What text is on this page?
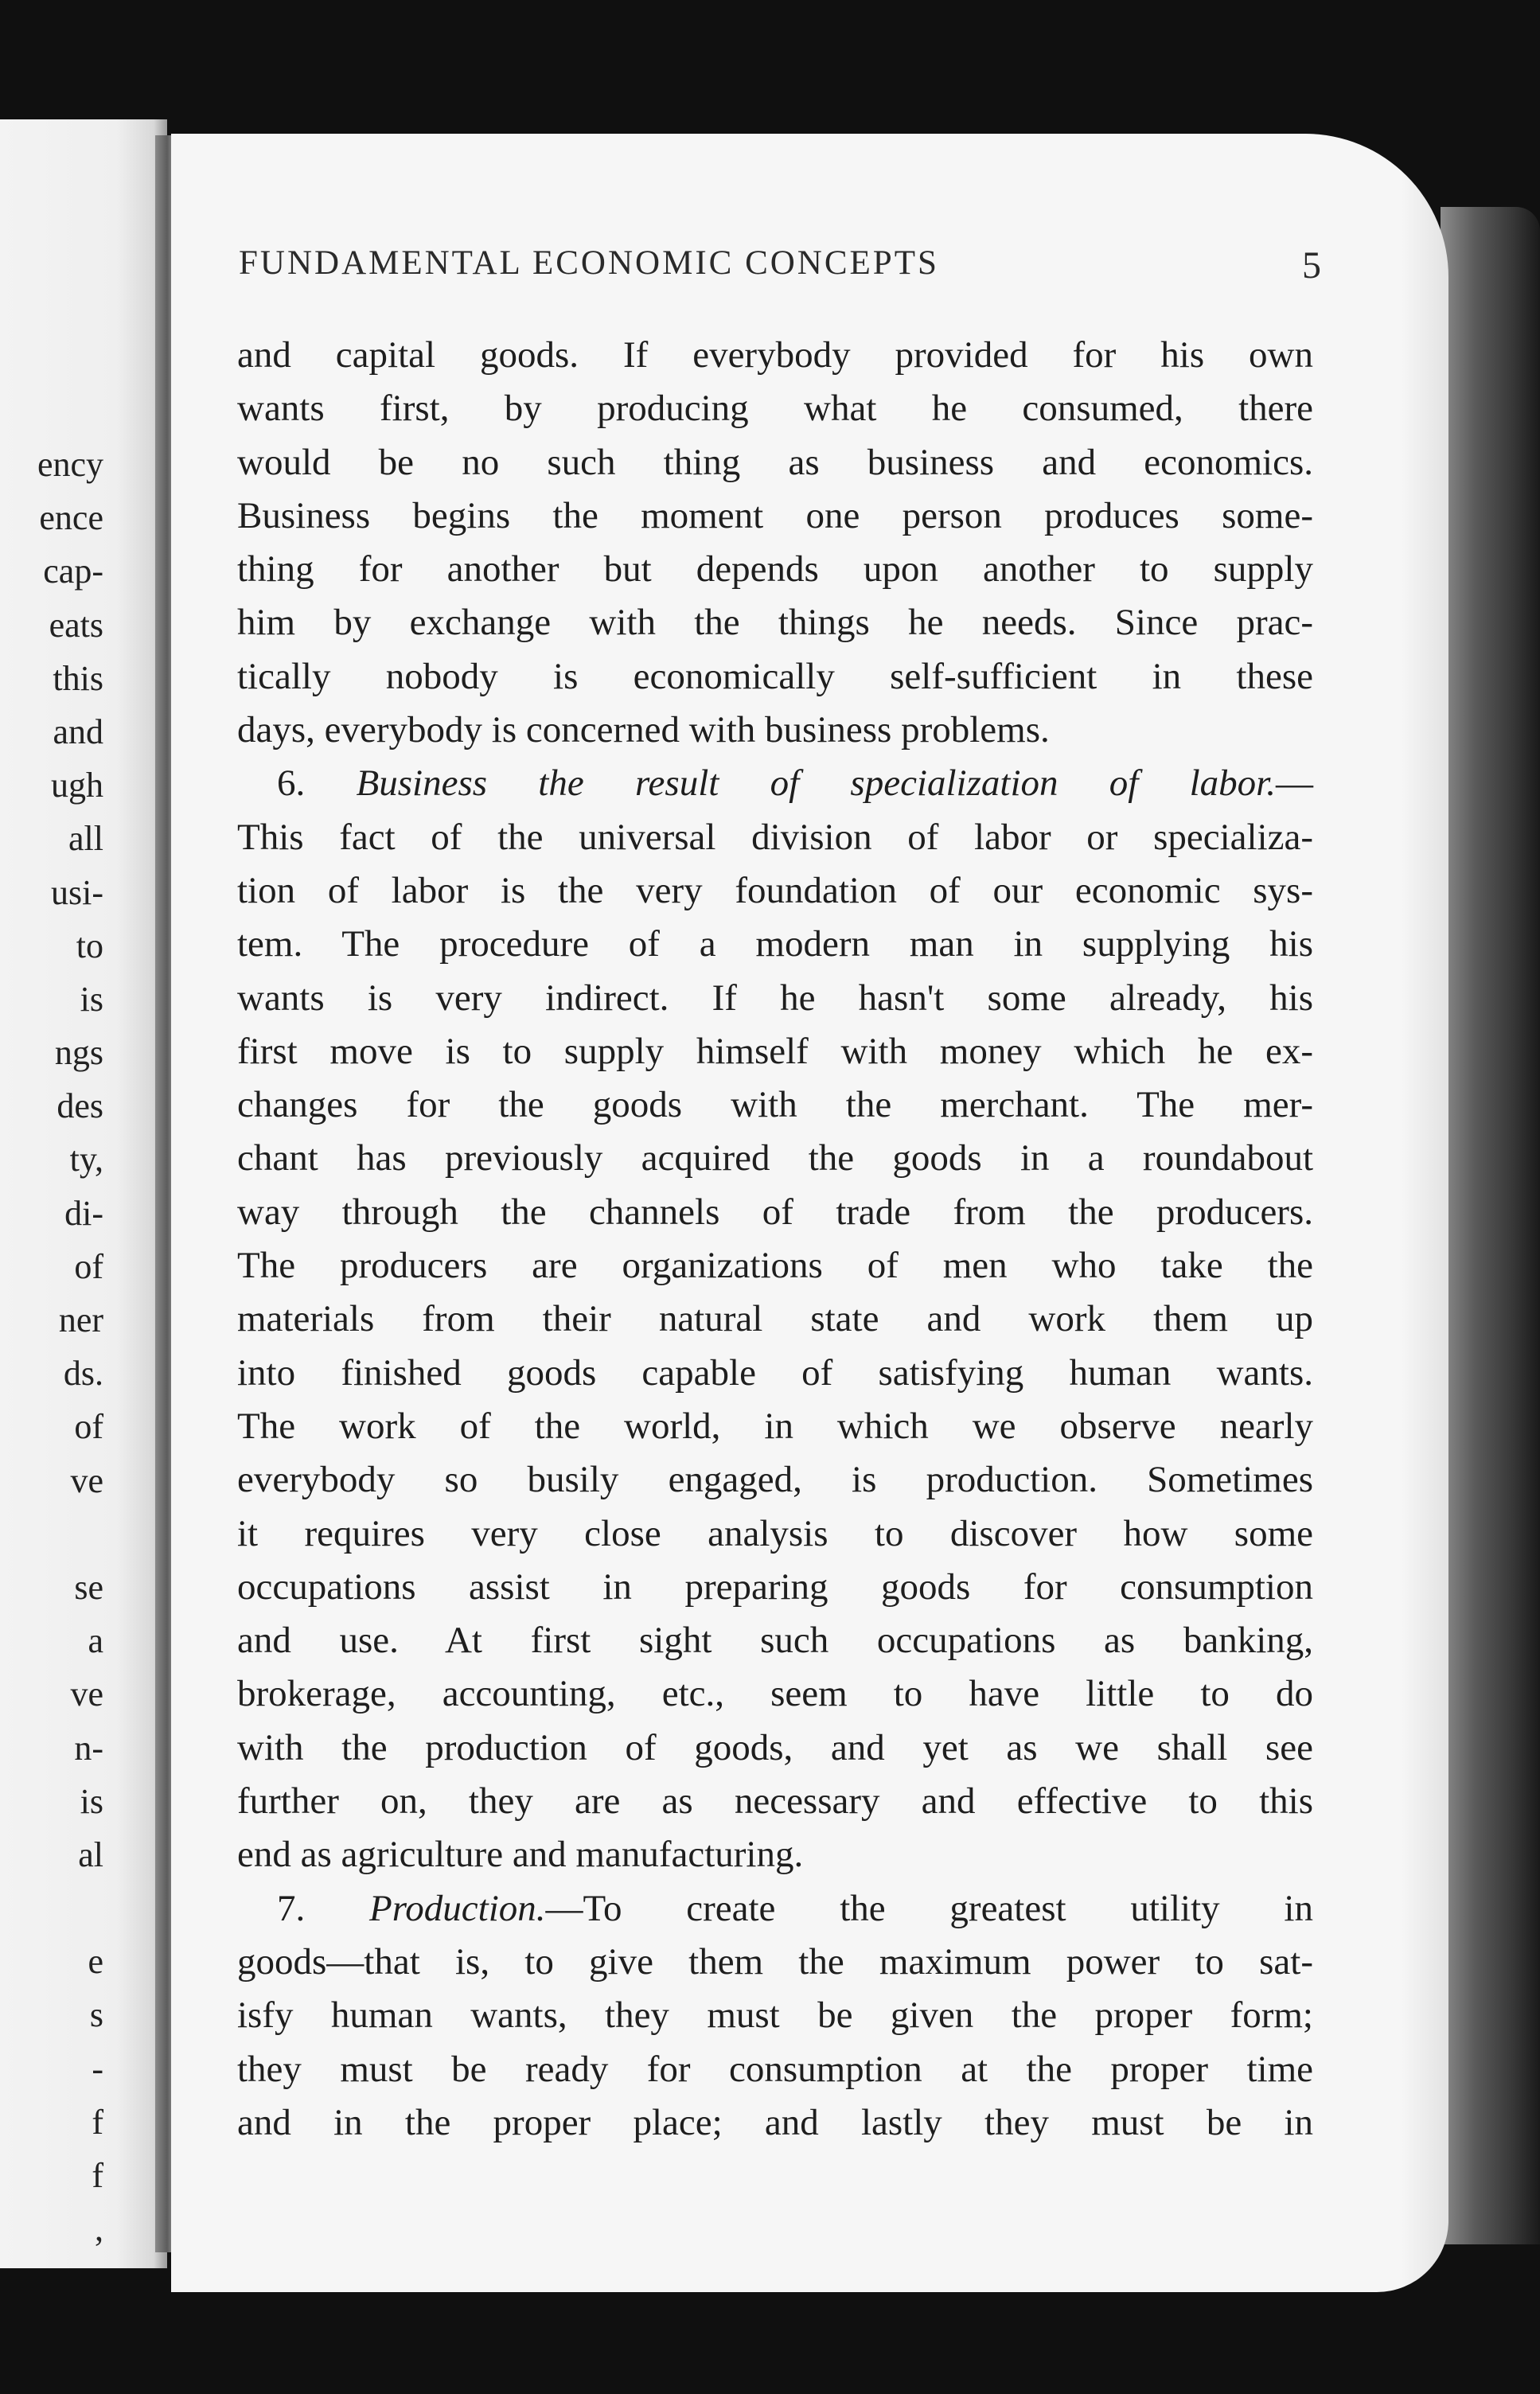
ency
ence
cap-
eats
this
and
ugh
all
usi-
to
is
ngs
des
ty,
di-
of
ner
ds.
of
ve
se
a
ve
n-
is
al
e
s
-
f
f
,
FUNDAMENTAL ECONOMIC CONCEPTS	5
and capital goods. If everybody provided for his own
wants first, by producing what he consumed, there
would be no such thing as business and economics.
Business begins the moment one person produces some-
thing for another but depends upon another to supply
him by exchange with the things he needs. Since prac-
tically nobody is economically self-sufficient in these
days, everybody is concerned with business problems.
6. Business the result of specialization of labor.—
This fact of the universal division of labor or specializa-
tion of labor is the very foundation of our economic sys-
tem. The procedure of a modern man in supplying his
wants is very indirect. If he hasn't some already, his
first move is to supply himself with money which he ex-
changes for the goods with the merchant. The mer-
chant has previously acquired the goods in a roundabout
way through the channels of trade from the producers.
The producers are organizations of men who take the
materials from their natural state and work them up
into finished goods capable of satisfying human wants.
The work of the world, in which we observe nearly
everybody so busily engaged, is production. Sometimes
it requires very close analysis to discover how some
occupations assist in preparing goods for consumption
and use. At first sight such occupations as banking,
brokerage, accounting, etc., seem to have little to do
with the production of goods, and yet as we shall see
further on, they are as necessary and effective to this
end as agriculture and manufacturing.
7. Production.—To create the greatest utility in
goods—that is, to give them the maximum power to sat-
isfy human wants, they must be given the proper form;
they must be ready for consumption at the proper time
and in the proper place; and lastly they must be in
